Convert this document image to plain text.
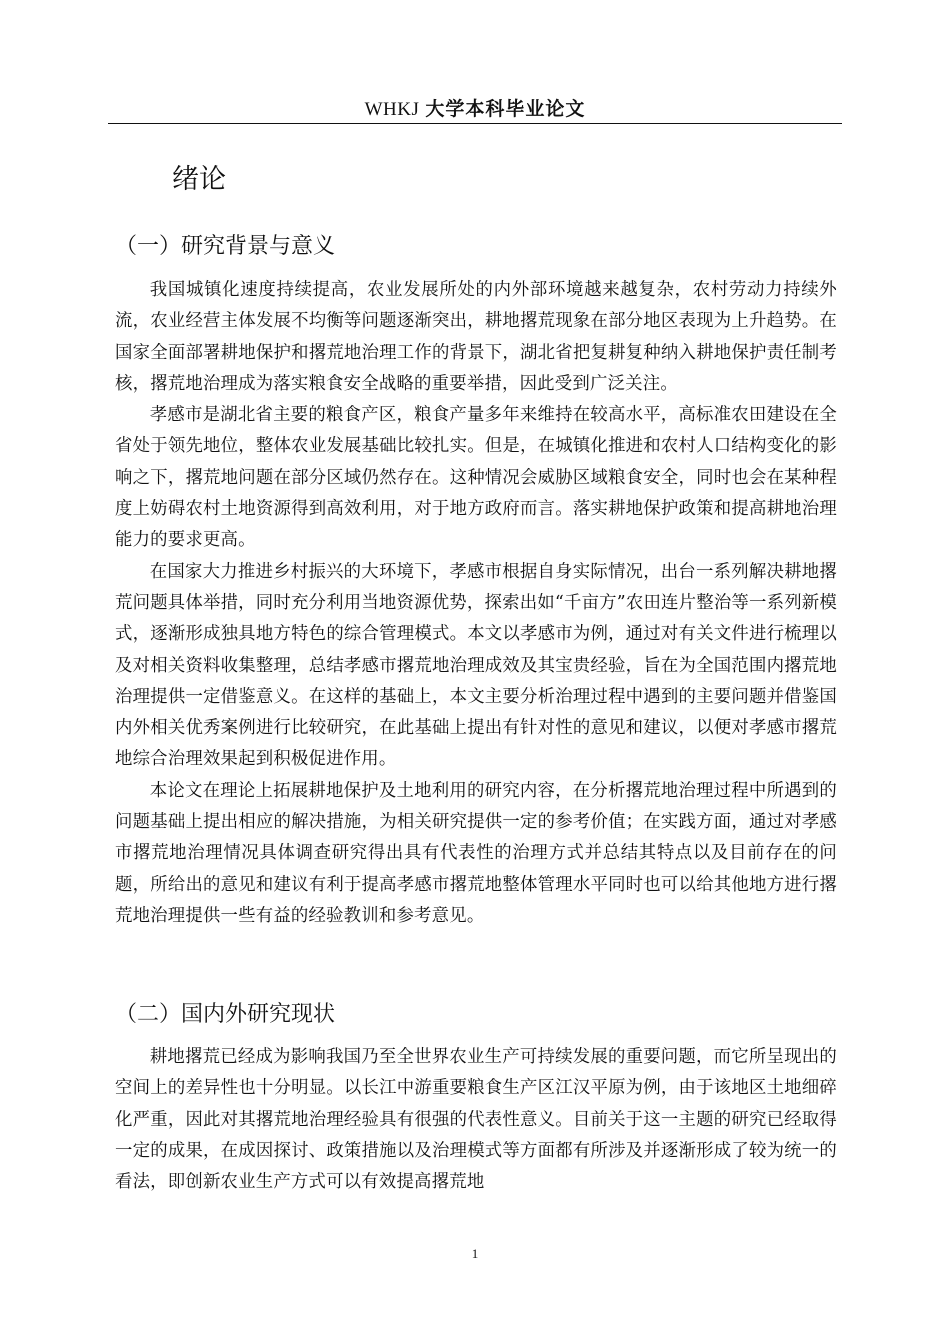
WHKJ 大学本科毕业论文
绪论
（一）研究背景与意义

我国城镇化速度持续提高，农业发展所处的内外部环境越来越复杂，农村劳动力持续外流，农业经营主体发展不均衡等问题逐渐突出，耕地撂荒现象在部分地区表现为上升趋势。在国家全面部署耕地保护和撂荒地治理工作的背景下，湖北省把复耕复种纳入耕地保护责任制考核，撂荒地治理成为落实粮食安全战略的重要举措，因此受到广泛关注。

孝感市是湖北省主要的粮食产区，粮食产量多年来维持在较高水平，高标准农田建设在全省处于领先地位，整体农业发展基础比较扎实。但是，在城镇化推进和农村人口结构变化的影响之下，撂荒地问题在部分区域仍然存在。这种情况会威胁区域粮食安全，同时也会在某种程度上妨碍农村土地资源得到高效利用，对于地方政府而言。落实耕地保护政策和提高耕地治理能力的要求更高。

在国家大力推进乡村振兴的大环境下，孝感市根据自身实际情况，出台一系列解决耕地撂荒问题具体举措，同时充分利用当地资源优势，探索出如“千亩方”农田连片整治等一系列新模式，逐渐形成独具地方特色的综合管理模式。本文以孝感市为例，通过对有关文件进行梳理以及对相关资料收集整理，总结孝感市撂荒地治理成效及其宝贵经验，旨在为全国范围内撂荒地治理提供一定借鉴意义。在这样的基础上，本文主要分析治理过程中遇到的主要问题并借鉴国内外相关优秀案例进行比较研究，在此基础上提出有针对性的意见和建议，以便对孝感市撂荒地综合治理效果起到积极促进作用。

本论文在理论上拓展耕地保护及土地利用的研究内容，在分析撂荒地治理过程中所遇到的问题基础上提出相应的解决措施，为相关研究提供一定的参考价值；在实践方面，通过对孝感市撂荒地治理情况具体调查研究得出具有代表性的治理方式并总结其特点以及目前存在的问题，所给出的意见和建议有利于提高孝感市撂荒地整体管理水平同时也可以给其他地方进行撂荒地治理提供一些有益的经验教训和参考意见。

（二）国内外研究现状

耕地撂荒已经成为影响我国乃至全世界农业生产可持续发展的重要问题，而它所呈现出的空间上的差异性也十分明显。以长江中游重要粮食生产区江汉平原为例，由于该地区土地细碎化严重，因此对其撂荒地治理经验具有很强的代表性意义。目前关于这一主题的研究已经取得一定的成果，在成因探讨、政策措施以及治理模式等方面都有所涉及并逐渐形成了较为统一的看法，即创新农业生产方式可以有效提高撂荒地

1
